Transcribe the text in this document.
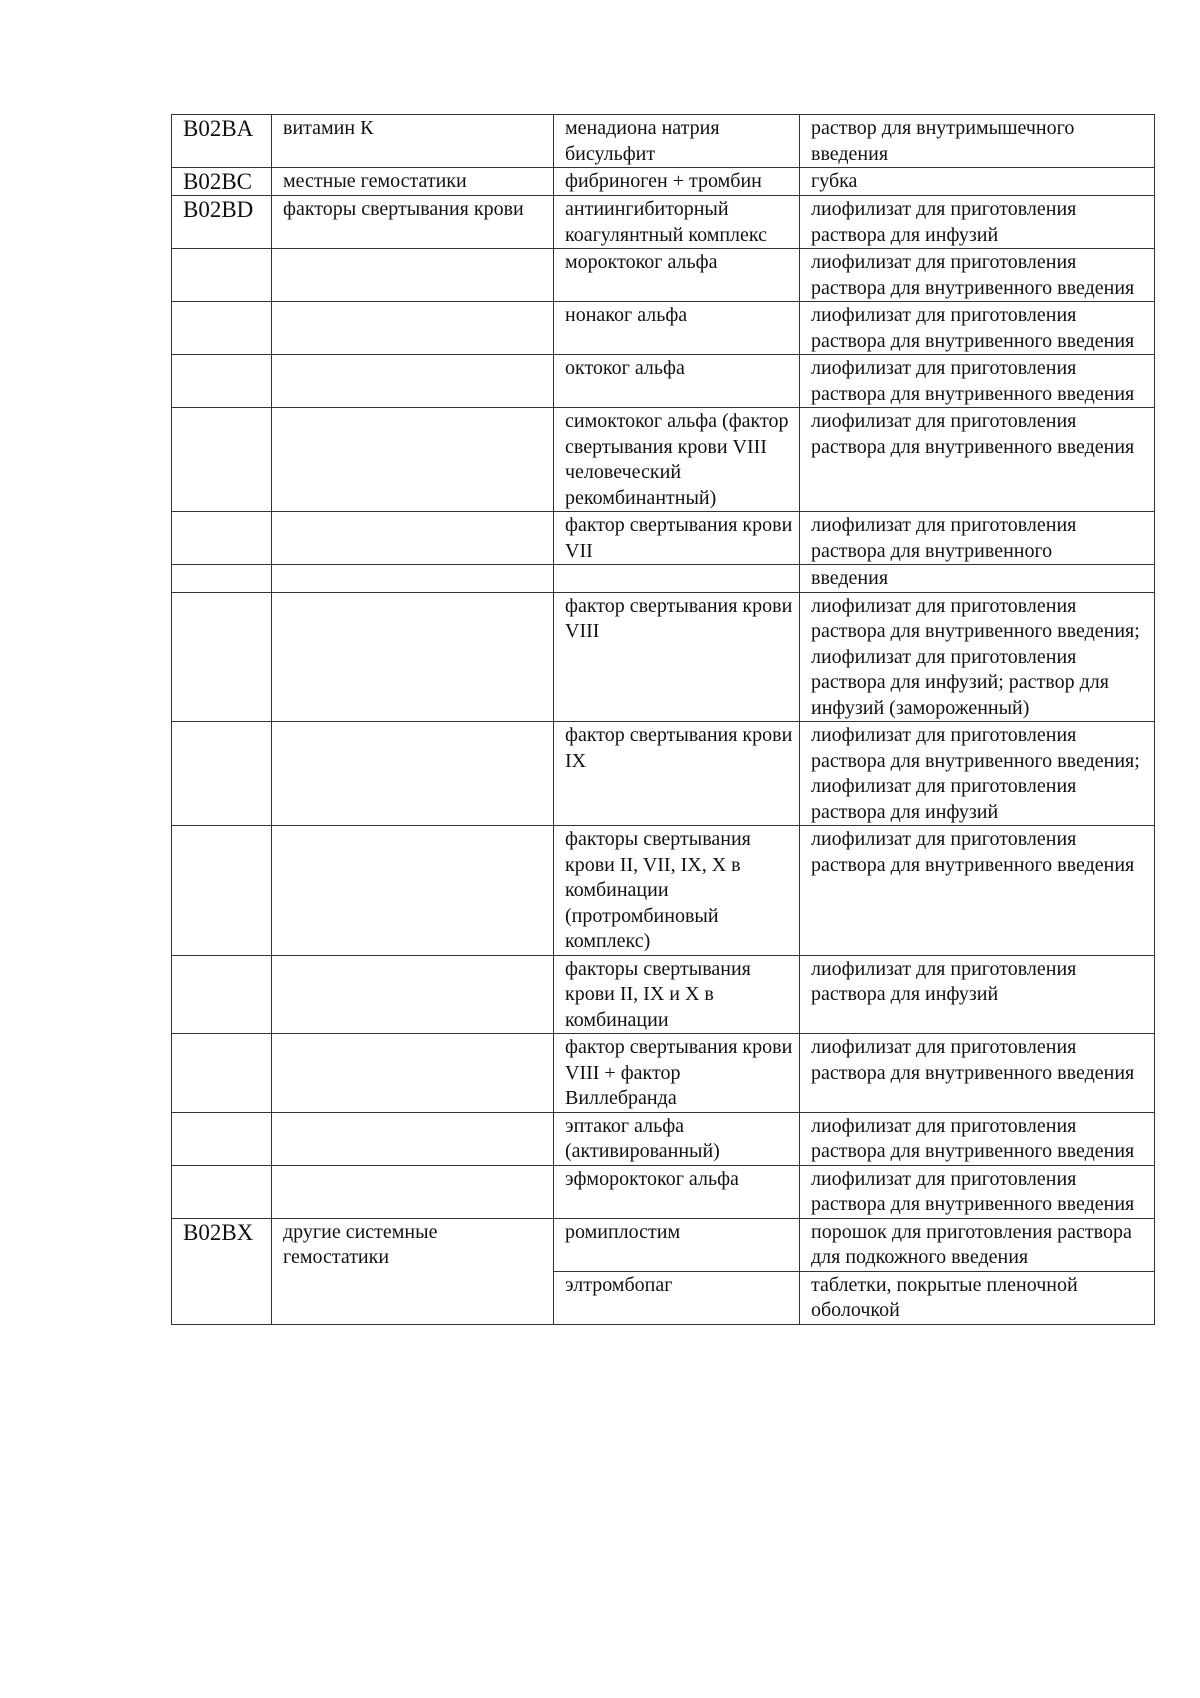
B02BA	витамин К	менадиона натрия бисульфит	раствор для внутримышечного введения
B02BC	местные гемостатики	фибриноген + тромбин	губка
B02BD	факторы свертывания крови	антиингибиторный коагулянтный комплекс	лиофилизат для приготовления раствора для инфузий
		мороктоког альфа	лиофилизат для приготовления раствора для внутривенного введения
		нонаког альфа	лиофилизат для приготовления раствора для внутривенного введения
		октоког альфа	лиофилизат для приготовления раствора для внутривенного введения
		симоктоког альфа (фактор свертывания крови VIII человеческий рекомбинантный)	лиофилизат для приготовления раствора для внутривенного введения
		фактор свертывания крови VII	лиофилизат для приготовления раствора для внутривенного
			введения
		фактор свертывания крови VIII	лиофилизат для приготовления раствора для внутривенного введения;
лиофилизат для приготовления раствора для инфузий; раствор для инфузий (замороженный)
		фактор свертывания крови IX	лиофилизат для приготовления раствора для внутривенного введения;
лиофилизат для приготовления раствора для инфузий
		факторы свертывания крови II, VII, IX, X в комбинации (протромбиновый комплекс)	лиофилизат для приготовления раствора для внутривенного введения
		факторы свертывания крови II, IX и X в комбинации	лиофилизат для приготовления раствора для инфузий
		фактор свертывания крови VIII + фактор Виллебранда	лиофилизат для приготовления раствора для внутривенного введения
		эптаког альфа (активированный)	лиофилизат для приготовления раствора для внутривенного введения
		эфмороктоког альфа	лиофилизат для приготовления раствора для внутривенного введения
B02BX	другие системные гемостатики	ромиплостим	порошок для приготовления раствора для подкожного введения
		элтромбопаг	таблетки, покрытые пленочной оболочкой
